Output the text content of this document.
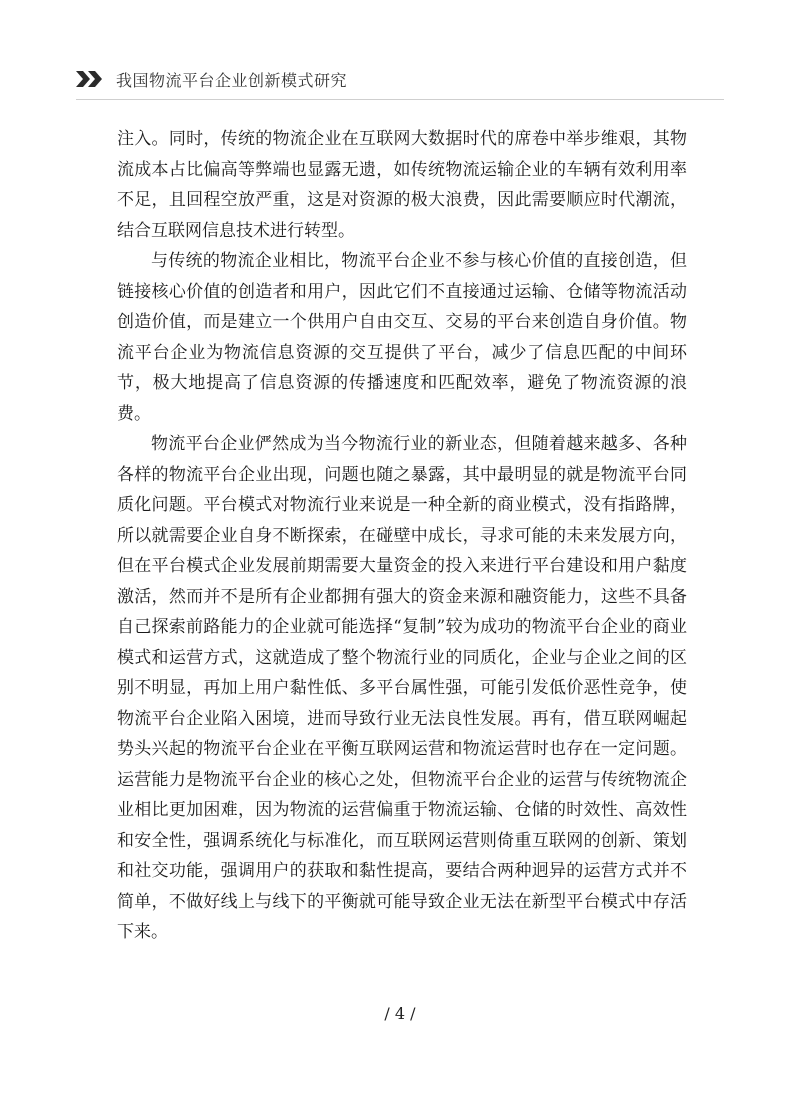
我国物流平台企业创新模式研究

注入。同时，传统的物流企业在互联网大数据时代的席卷中举步维艰，其物流成本占比偏高等弊端也显露无遗，如传统物流运输企业的车辆有效利用率不足，且回程空放严重，这是对资源的极大浪费，因此需要顺应时代潮流，结合互联网信息技术进行转型。

与传统的物流企业相比，物流平台企业不参与核心价值的直接创造，但链接核心价值的创造者和用户，因此它们不直接通过运输、仓储等物流活动创造价值，而是建立一个供用户自由交互、交易的平台来创造自身价值。物流平台企业为物流信息资源的交互提供了平台，减少了信息匹配的中间环节，极大地提高了信息资源的传播速度和匹配效率，避免了物流资源的浪费。

物流平台企业俨然成为当今物流行业的新业态，但随着越来越多、各种各样的物流平台企业出现，问题也随之暴露，其中最明显的就是物流平台同质化问题。平台模式对物流行业来说是一种全新的商业模式，没有指路牌，所以就需要企业自身不断探索，在碰壁中成长，寻求可能的未来发展方向，但在平台模式企业发展前期需要大量资金的投入来进行平台建设和用户黏度激活，然而并不是所有企业都拥有强大的资金来源和融资能力，这些不具备自己探索前路能力的企业就可能选择“复制”较为成功的物流平台企业的商业模式和运营方式，这就造成了整个物流行业的同质化，企业与企业之间的区别不明显，再加上用户黏性低、多平台属性强，可能引发低价恶性竞争，使物流平台企业陷入困境，进而导致行业无法良性发展。再有，借互联网崛起势头兴起的物流平台企业在平衡互联网运营和物流运营时也存在一定问题。运营能力是物流平台企业的核心之处，但物流平台企业的运营与传统物流企业相比更加困难，因为物流的运营偏重于物流运输、仓储的时效性、高效性和安全性，强调系统化与标准化，而互联网运营则倚重互联网的创新、策划和社交功能，强调用户的获取和黏性提高，要结合两种迥异的运营方式并不简单，不做好线上与线下的平衡就可能导致企业无法在新型平台模式中存活下来。

/ 4 /
